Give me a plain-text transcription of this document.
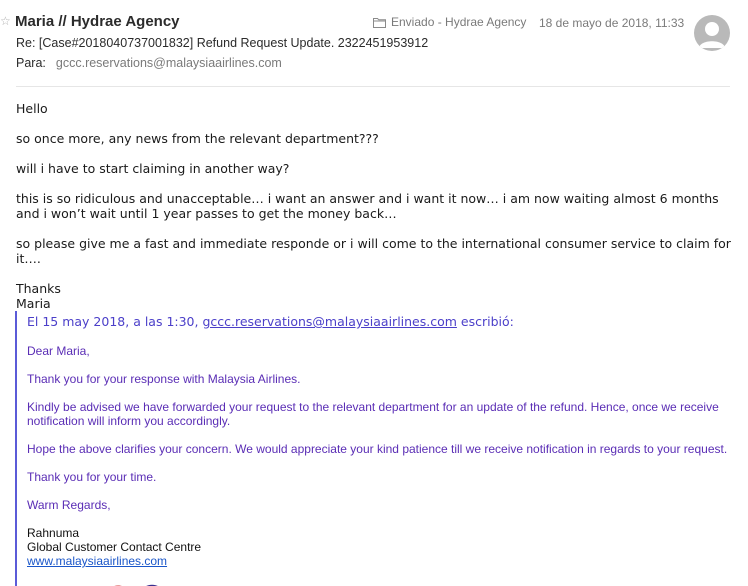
☆ Maria // Hydrae Agency	Enviado - Hydrae Agency 18 de mayo de 2018, 11:33
Re: [Case#2018040737001832] Refund Request Update. 2322451953912
Para: gccc.reservations@malaysiaairlines.com

Hello

so once more, any news from the relevant department???

will i have to start claiming in another way?

this is so ridiculous and unacceptable… i want an answer and i want it now… i am now waiting almost 6 months and i won’t wait until 1 year passes to get the money back…

so please give me a fast and immediate responde or i will come to the international consumer service to claim for it….

Thanks
Maria
El 15 may 2018, a las 1:30, gccc.reservations@malaysiaairlines.com escribió:
Dear Maria,
Thank you for your response with Malaysia Airlines.
Kindly be advised we have forwarded your request to the relevant department for an update of the refund. Hence, once we receive
notification will inform you accordingly.
Hope the above clarifies your concern. We would appreciate your kind patience till we receive notification in regards to your request.
Thank you for your time.
Warm Regards,
Rahnuma
Global Customer Contact Centre
www.malaysiaairlines.com
